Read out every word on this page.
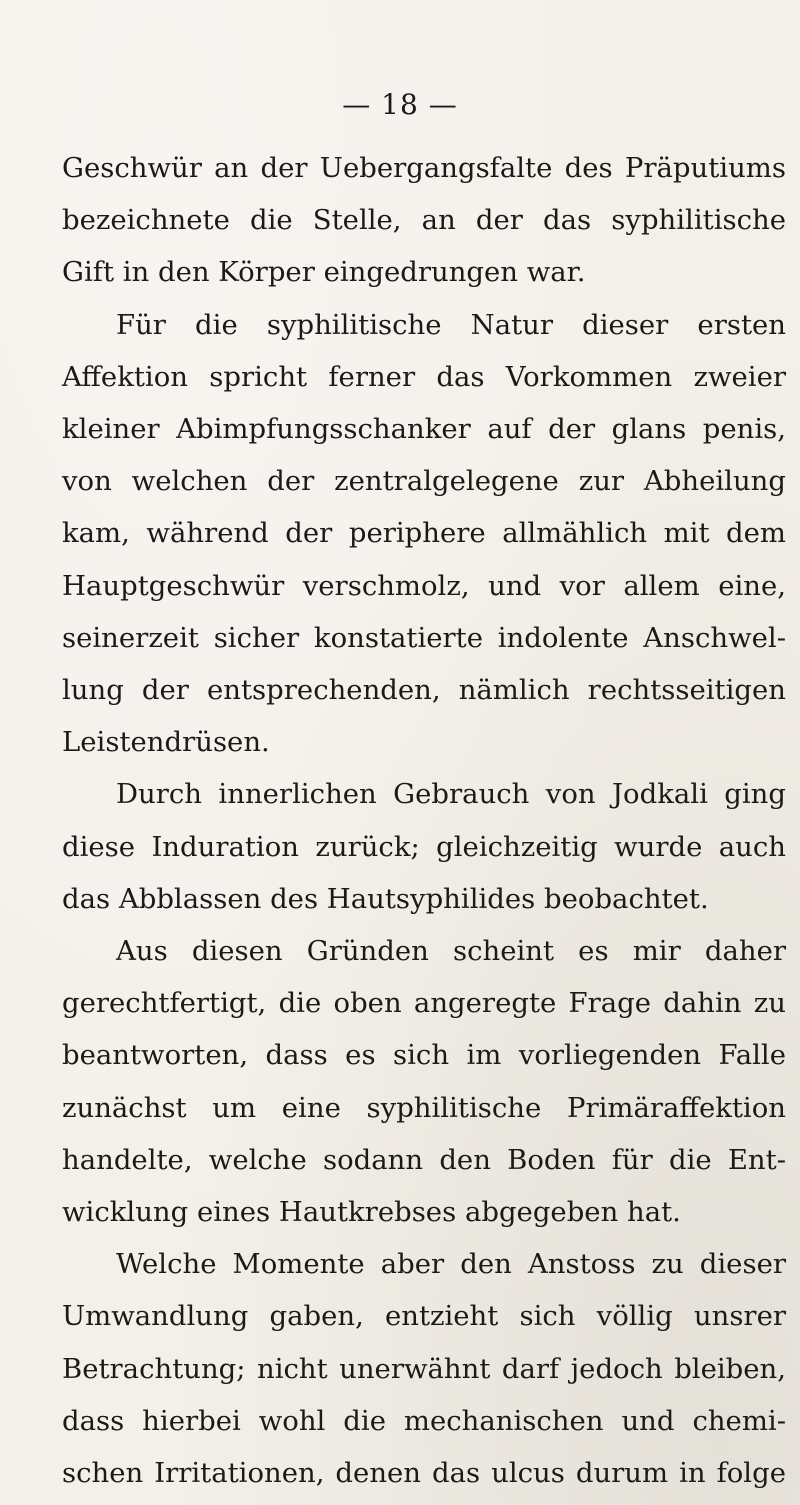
— 18 —
Geschwür an der Uebergangsfalte des Präputiums
bezeichnete die Stelle, an der das syphilitische
Gift in den Körper eingedrungen war.
Für die syphilitische Natur dieser ersten
Affektion spricht ferner das Vorkommen zweier
kleiner Abimpfungsschanker auf der glans penis,
von welchen der zentralgelegene zur Abheilung
kam, während der periphere allmählich mit dem
Hauptgeschwür verschmolz, und vor allem eine,
seinerzeit sicher konstatierte indolente Anschwel-
lung der entsprechenden, nämlich rechtsseitigen
Leistendrüsen.
Durch innerlichen Gebrauch von Jodkali ging
diese Induration zurück; gleichzeitig wurde auch
das Abblassen des Hautsyphilides beobachtet.
Aus diesen Gründen scheint es mir daher
gerechtfertigt, die oben angeregte Frage dahin zu
beantworten, dass es sich im vorliegenden Falle
zunächst um eine syphilitische Primäraffektion
handelte, welche sodann den Boden für die Ent-
wicklung eines Hautkrebses abgegeben hat.
Welche Momente aber den Anstoss zu dieser
Umwandlung gaben, entzieht sich völlig unsrer
Betrachtung; nicht unerwähnt darf jedoch bleiben,
dass hierbei wohl die mechanischen und chemi-
schen Irritationen, denen das ulcus durum in folge
